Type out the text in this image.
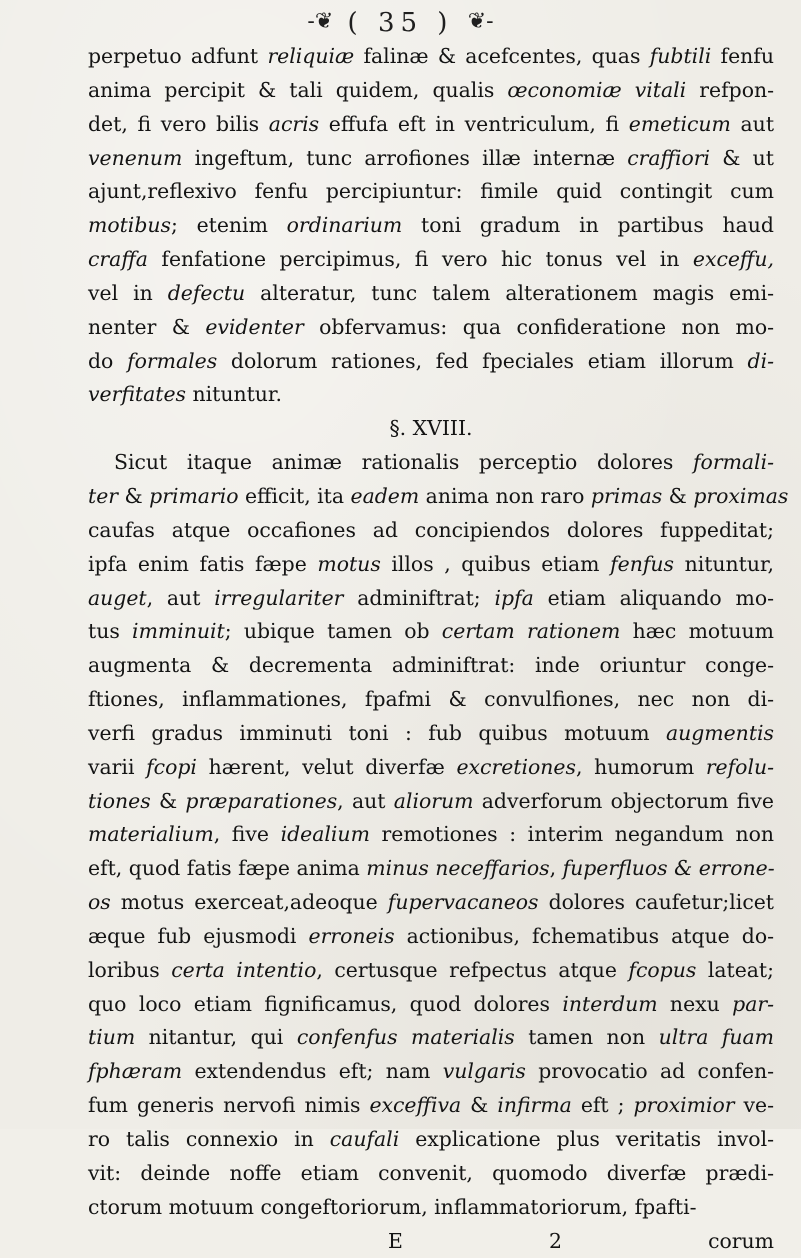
-❦ ( 35 ) ❦-
perpetuo adfunt reliquiæ falinæ & acefcentes, quas fubtili fenfu
anima percipit & tali quidem, qualis œconomiæ vitali refpon-
det, fi vero bilis acris effufa eft in ventriculum, fi emeticum aut
venenum ingeftum, tunc arrofiones illæ internæ craffiori & ut
ajunt,reflexivo fenfu percipiuntur: fimile quid contingit cum
motibus; etenim ordinarium toni gradum in partibus haud
craffa fenfatione percipimus, fi vero hic tonus vel in exceffu,
vel in defectu alteratur, tunc talem alterationem magis emi-
nenter & evidenter obfervamus: qua confideratione non mo-
do formales dolorum rationes, fed fpeciales etiam illorum di-
verfitates nituntur.
§. XVIII.
Sicut itaque animæ rationalis perceptio dolores formali-
ter & primario efficit, ita eadem anima non raro primas & proximas
caufas atque occafiones ad concipiendos dolores fuppeditat;
ipfa enim fatis fæpe motus illos , quibus etiam fenfus nituntur,
auget, aut irregulariter adminiftrat; ipfa etiam aliquando mo-
tus imminuit; ubique tamen ob certam rationem hæc motuum
augmenta & decrementa adminiftrat: inde oriuntur conge-
ftiones, inflammationes, fpafmi & convulfiones, nec non di-
verfi gradus imminuti toni : fub quibus motuum augmentis
varii fcopi hærent, velut diverfæ excretiones, humorum refolu-
tiones & præparationes, aut aliorum adverforum objectorum five
materialium, five idealium remotiones : interim negandum non
eft, quod fatis fæpe anima minus neceffarios, fuperfluos & errone-
os motus exerceat,adeoque fupervacaneos dolores caufetur;licet
æque fub ejusmodi erroneis actionibus, fchematibus atque do-
loribus certa intentio, certusque refpectus atque fcopus lateat;
quo loco etiam fignificamus, quod dolores interdum nexu par-
tium nitantur, qui confenfus materialis tamen non ultra fuam
fphæram extendendus eft; nam vulgaris provocatio ad confen-
fum generis nervofi nimis exceffiva & infirma eft ; proximior ve-
ro talis connexio in caufali explicatione plus veritatis invol-
vit: deinde noffe etiam convenit, quomodo diverfæ prædi-
ctorum motuum congeftoriorum, inflammatoriorum, fpafti-
E 2	corum
